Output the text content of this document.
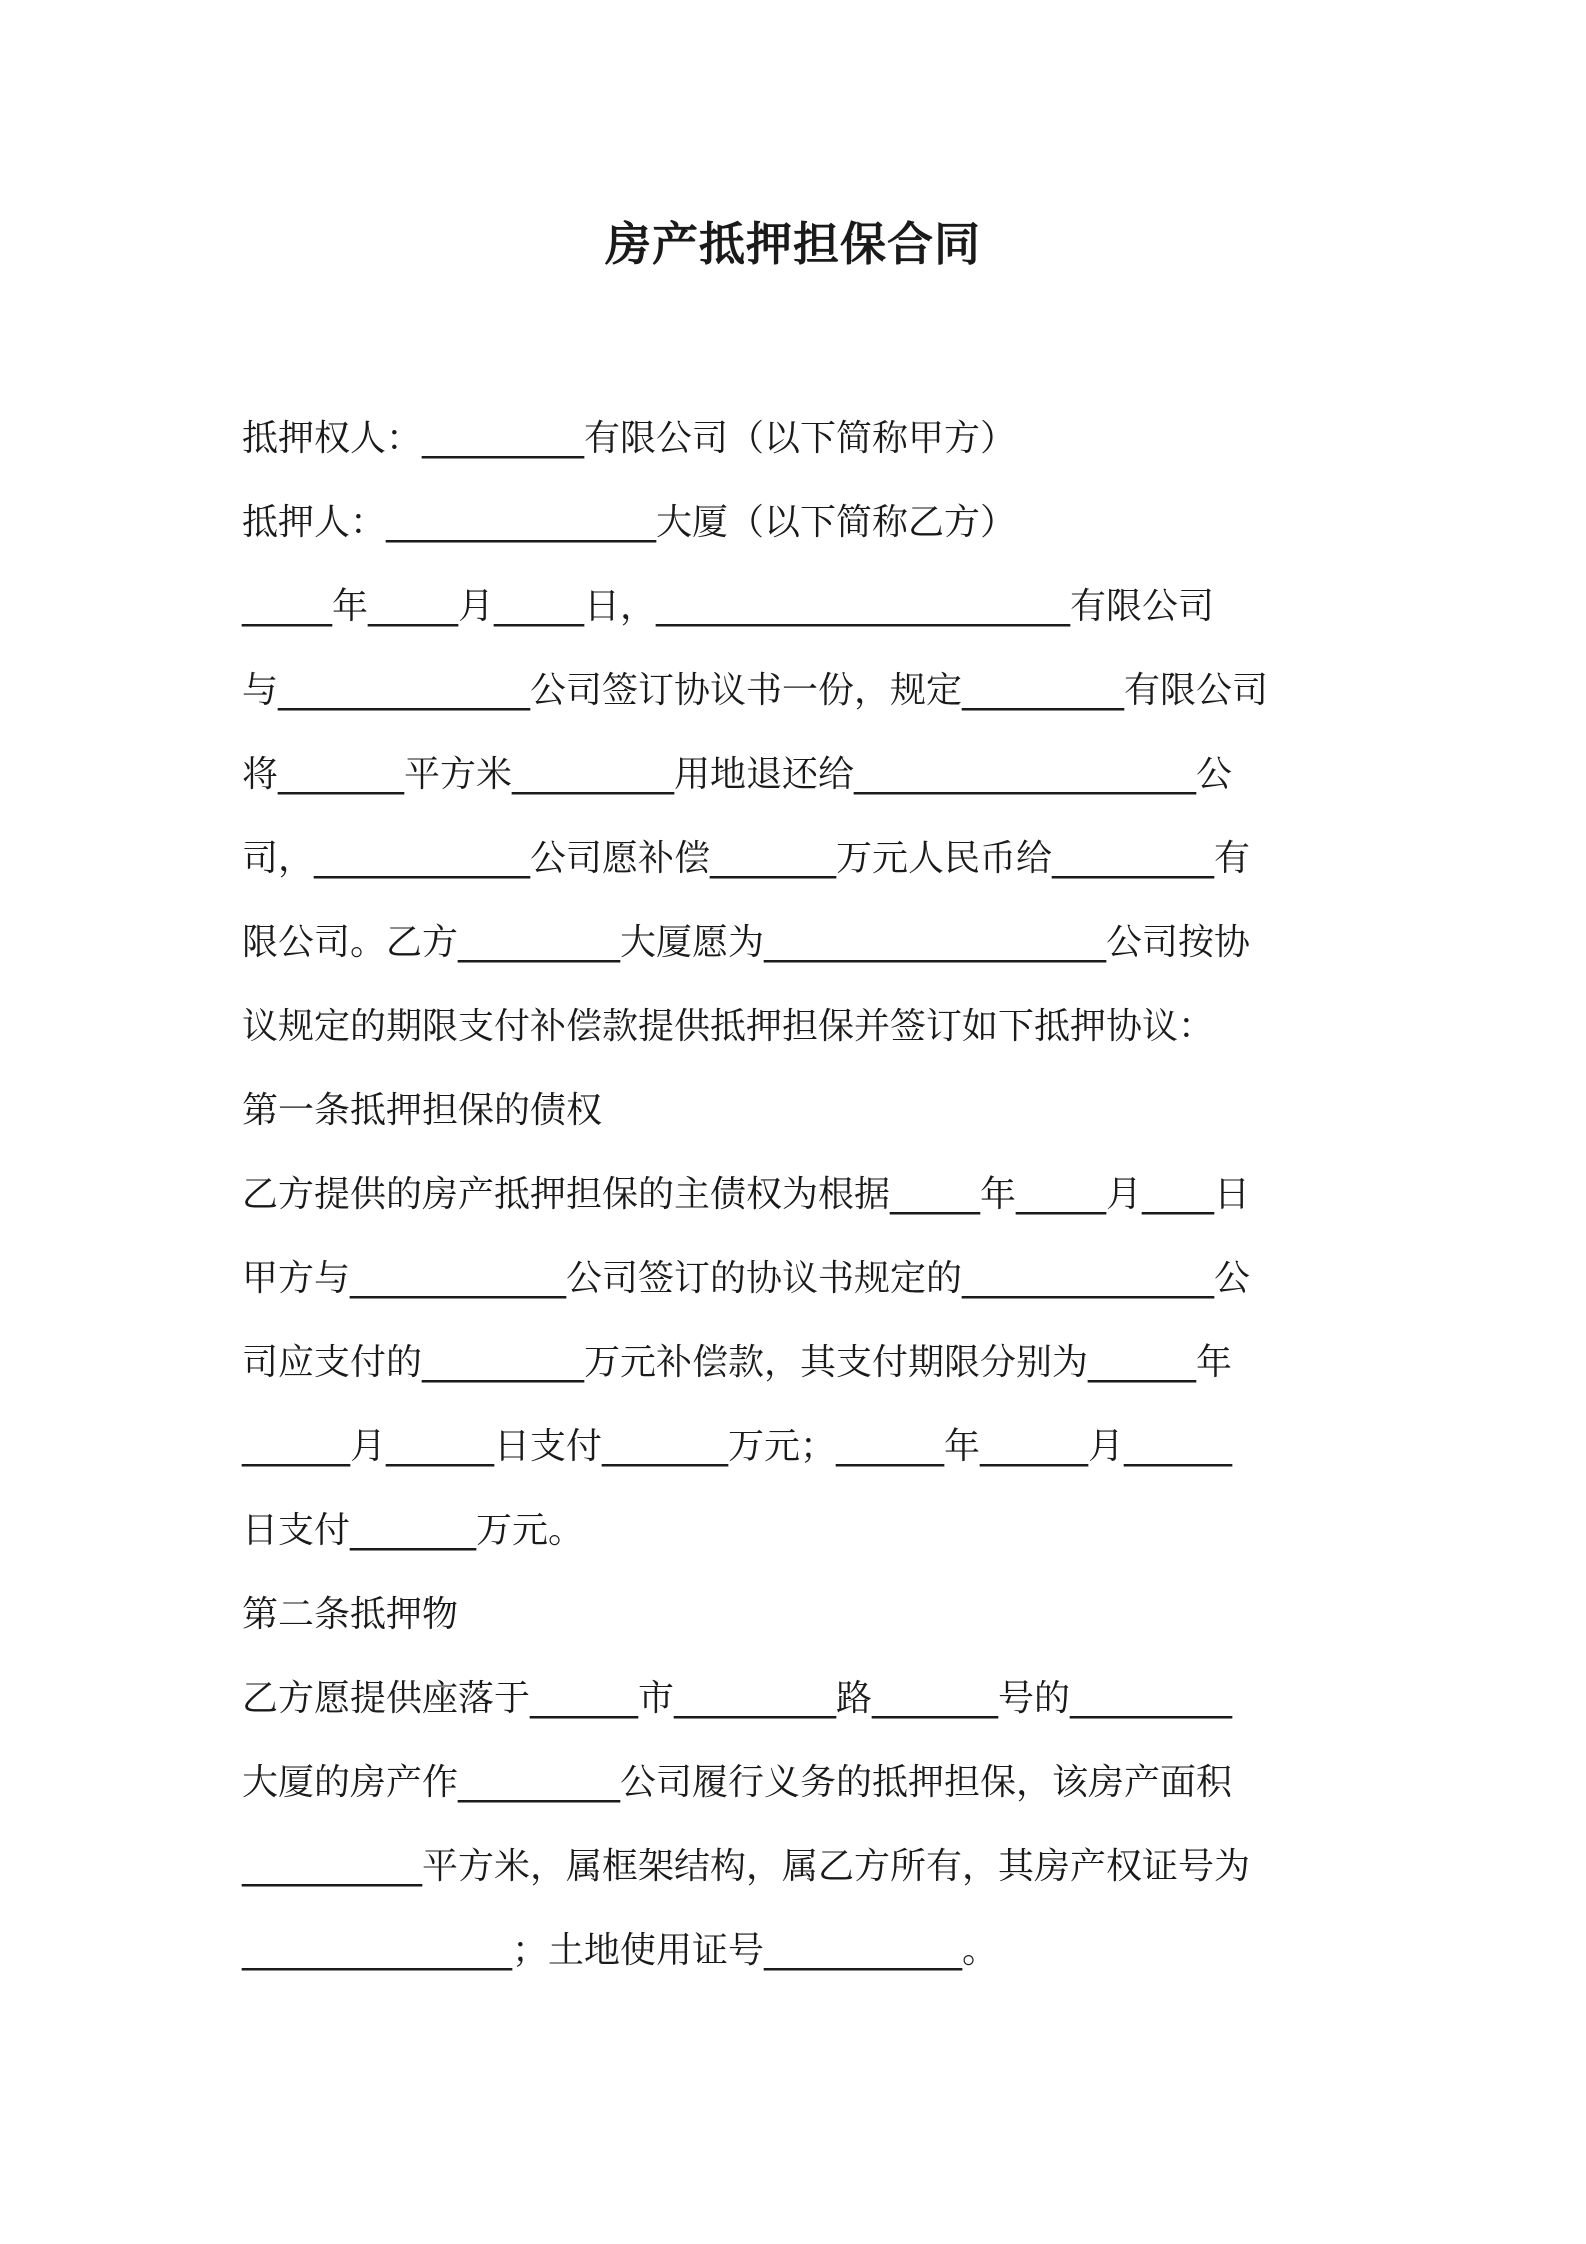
房产抵押担保合同
抵押权人：_________有限公司（以下简称甲方）
抵押人：_______________大厦（以下简称乙方）
_____年_____月_____日，_______________________有限公司
与______________公司签订协议书一份，规定_________有限公司
将_______平方米_________用地退还给___________________公
司，____________公司愿补偿_______万元人民币给_________有
限公司。乙方_________大厦愿为___________________公司按协
议规定的期限支付补偿款提供抵押担保并签订如下抵押协议：
第一条抵押担保的债权
乙方提供的房产抵押担保的主债权为根据_____年_____月____日
甲方与____________公司签订的协议书规定的______________公
司应支付的_________万元补偿款，其支付期限分别为______年
______月______日支付_______万元；______年______月______
日支付_______万元。
第二条抵押物
乙方愿提供座落于______市_________路_______号的_________
大厦的房产作_________公司履行义务的抵押担保，该房产面积
__________平方米，属框架结构，属乙方所有，其房产权证号为
_______________；土地使用证号___________。
